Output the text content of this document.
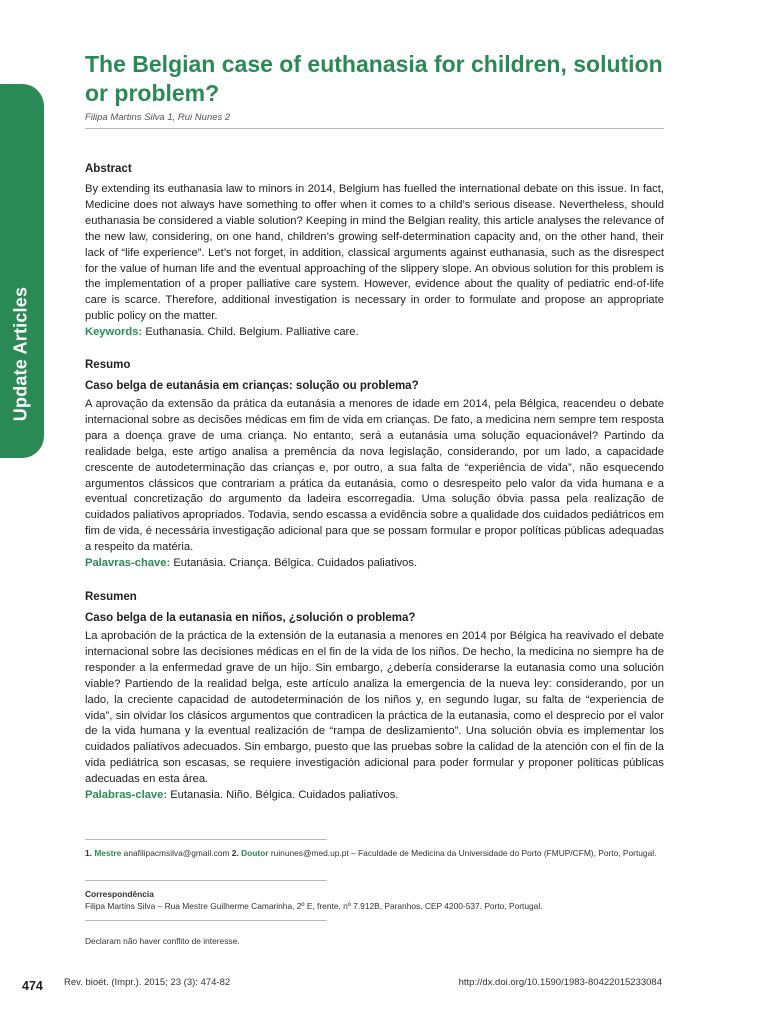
Update Articles
The Belgian case of euthanasia for children, solution or problem?
Filipa Martins Silva 1, Rui Nunes 2
Abstract

By extending its euthanasia law to minors in 2014, Belgium has fuelled the international debate on this issue. In fact, Medicine does not always have something to offer when it comes to a child’s serious disease. Nevertheless, should euthanasia be considered a viable solution? Keeping in mind the Belgian reality, this article analyses the relevance of the new law, considering, on one hand, children’s growing self-determination capacity and, on the other hand, their lack of “life experience”. Let’s not forget, in addition, classical arguments against euthanasia, such as the disrespect for the value of human life and the eventual approaching of the slippery slope. An obvious solution for this problem is the implementation of a proper palliative care system. However, evidence about the quality of pediatric end-of-life care is scarce. Therefore, additional investigation is necessary in order to formulate and propose an appropriate public policy on the matter.

Keywords: Euthanasia. Child. Belgium. Palliative care.

Resumo
Caso belga de eutanásia em crianças: solução ou problema?

A aprovação da extensão da prática da eutanásia a menores de idade em 2014, pela Bélgica, reacendeu o debate internacional sobre as decisões médicas em fim de vida em crianças. De fato, a medicina nem sempre tem resposta para a doença grave de uma criança. No entanto, será a eutanásia uma solução equacionável? Partindo da realidade belga, este artigo analisa a premência da nova legislação, considerando, por um lado, a capacidade crescente de autodeterminação das crianças e, por outro, a sua falta de “experiência de vida”, não esquecendo argumentos clássicos que contrariam a prática da eutanásia, como o desrespeito pelo valor da vida humana e a eventual concretização do argumento da ladeira escorregadia. Uma solução óbvia passa pela realização de cuidados paliativos apropriados. Todavia, sendo escassa a evidência sobre a qualidade dos cuidados pediátricos em fim de vida, é necessária investigação adicional para que se possam formular e propor políticas públicas adequadas a respeito da matéria.

Palavras-chave: Eutanásia. Criança. Bélgica. Cuidados paliativos.

Resumen
Caso belga de la eutanasia en niños, ¿solución o problema?

La aprobación de la práctica de la extensión de la eutanasia a menores en 2014 por Bélgica ha reavivado el debate internacional sobre las decisiones médicas en el fin de la vida de los niños. De hecho, la medicina no siempre ha de responder a la enfermedad grave de un hijo. Sin embargo, ¿debería considerarse la eutanasia como una solución viable? Partiendo de la realidad belga, este artículo analiza la emergencia de la nueva ley: considerando, por un lado, la creciente capacidad de autodeterminación de los niños y, en segundo lugar, su falta de “experiencia de vida”, sin olvidar los clásicos argumentos que contradicen la práctica de la eutanasia, como el desprecio por el valor de la vida humana y la eventual realización de “rampa de deslizamiento”. Una solución obvia es implementar los cuidados paliativos adecuados. Sin embargo, puesto que las pruebas sobre la calidad de la atención con el fin de la vida pediátrica son escasas, se requiere investigación adicional para poder formular y proponer políticas públicas adecuadas en esta área.

Palabras-clave: Eutanasia. Niño. Bélgica. Cuidados paliativos.

1. Mestre anafilipacmsilva@gmail.com 2. Doutor ruinunes@med.up.pt – Faculdade de Medicina da Universidade do Porto (FMUP/CFM), Porto, Portugal.
Correspondência
Filipa Martins Silva – Rua Mestre Guilherme Camarinha, 2º E, frente, nº 7.912B, Paranhos, CEP 4200-537. Porto, Portugal.
Declaram não haver conflito de interesse.
474 Rev. bioét. (Impr.). 2015; 23 (3): 474-82	http://dx.doi.org/10.1590/1983-80422015233084
